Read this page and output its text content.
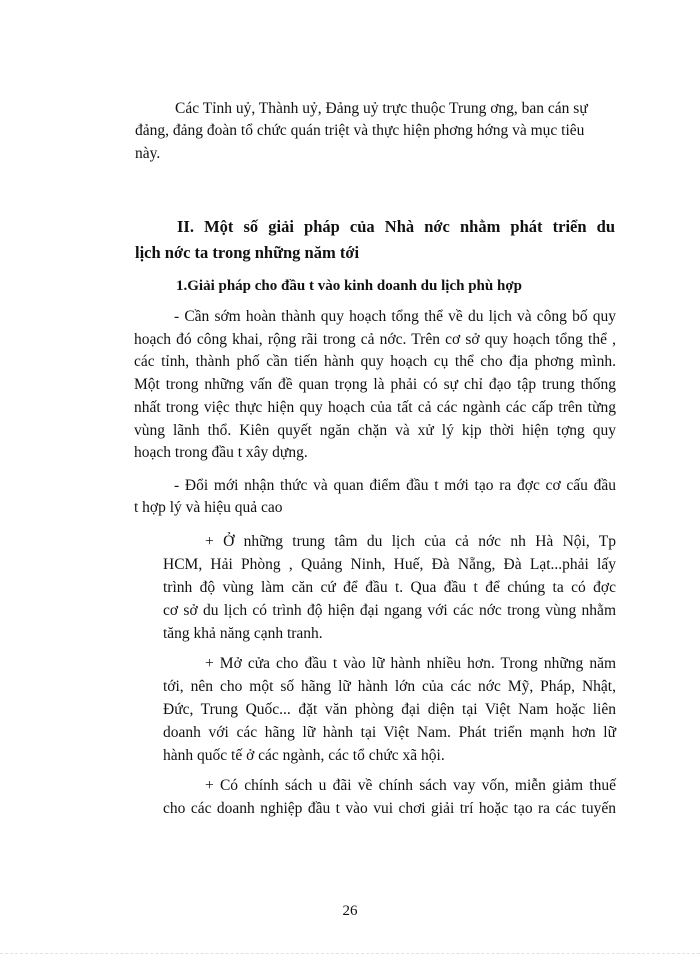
Các Tỉnh uỷ, Thành uỷ, Đảng uỷ trực thuộc Trung ơng, ban cán sự
đảng, đảng đoàn tổ chức quán triệt và thực hiện phơng hớng và mục tiêu
này.
II. Một số giải pháp của Nhà nớc nhằm phát triển du
lịch nớc ta trong những năm tới
1.Giải pháp cho đầu t vào kinh doanh du lịch phù hợp
- Cần sớm hoàn thành quy hoạch tổng thể về du lịch và công bố quy
hoạch đó công khai, rộng rãi trong cả nớc. Trên cơ sở quy hoạch tổng thể ,
các tỉnh, thành phố cần tiến hành quy hoạch cụ thể cho địa phơng mình.
Một trong những vấn đề quan trọng là phải có sự chỉ đạo tập trung thống
nhất trong việc thực hiện quy hoạch của tất cả các ngành các cấp trên từng
vùng lãnh thổ. Kiên quyết ngăn chặn và xử lý kịp thời hiện tợng quy
hoạch trong đầu t xây dựng.
- Đổi mới nhận thức và quan điểm đầu t mới tạo ra đợc cơ cấu đầu
t hợp lý và hiệu quả cao
+ Ở những trung tâm du lịch của cả nớc nh Hà Nội, Tp
HCM, Hải Phòng , Quảng Ninh, Huế, Đà Nẵng, Đà Lạt...phải lấy
trình độ vùng làm căn cứ để đầu t. Qua đầu t để chúng ta có đợc
cơ sở du lịch có trình độ hiện đại ngang với các nớc trong vùng nhằm
tăng khả năng cạnh tranh.
+ Mở cửa cho đầu t vào lữ hành nhiều hơn. Trong những năm
tới, nên cho một số hãng lữ hành lớn của các nớc Mỹ, Pháp, Nhật,
Đức, Trung Quốc... đặt văn phòng đại diện tại Việt Nam hoặc liên
doanh với các hãng lữ hành tại Việt Nam. Phát triển mạnh hơn lữ
hành quốc tế ở các ngành, các tổ chức xã hội.
+ Có chính sách u đãi về chính sách vay vốn, miễn giảm thuế
cho các doanh nghiệp đầu t vào vui chơi giải trí hoặc tạo ra các tuyến
26
